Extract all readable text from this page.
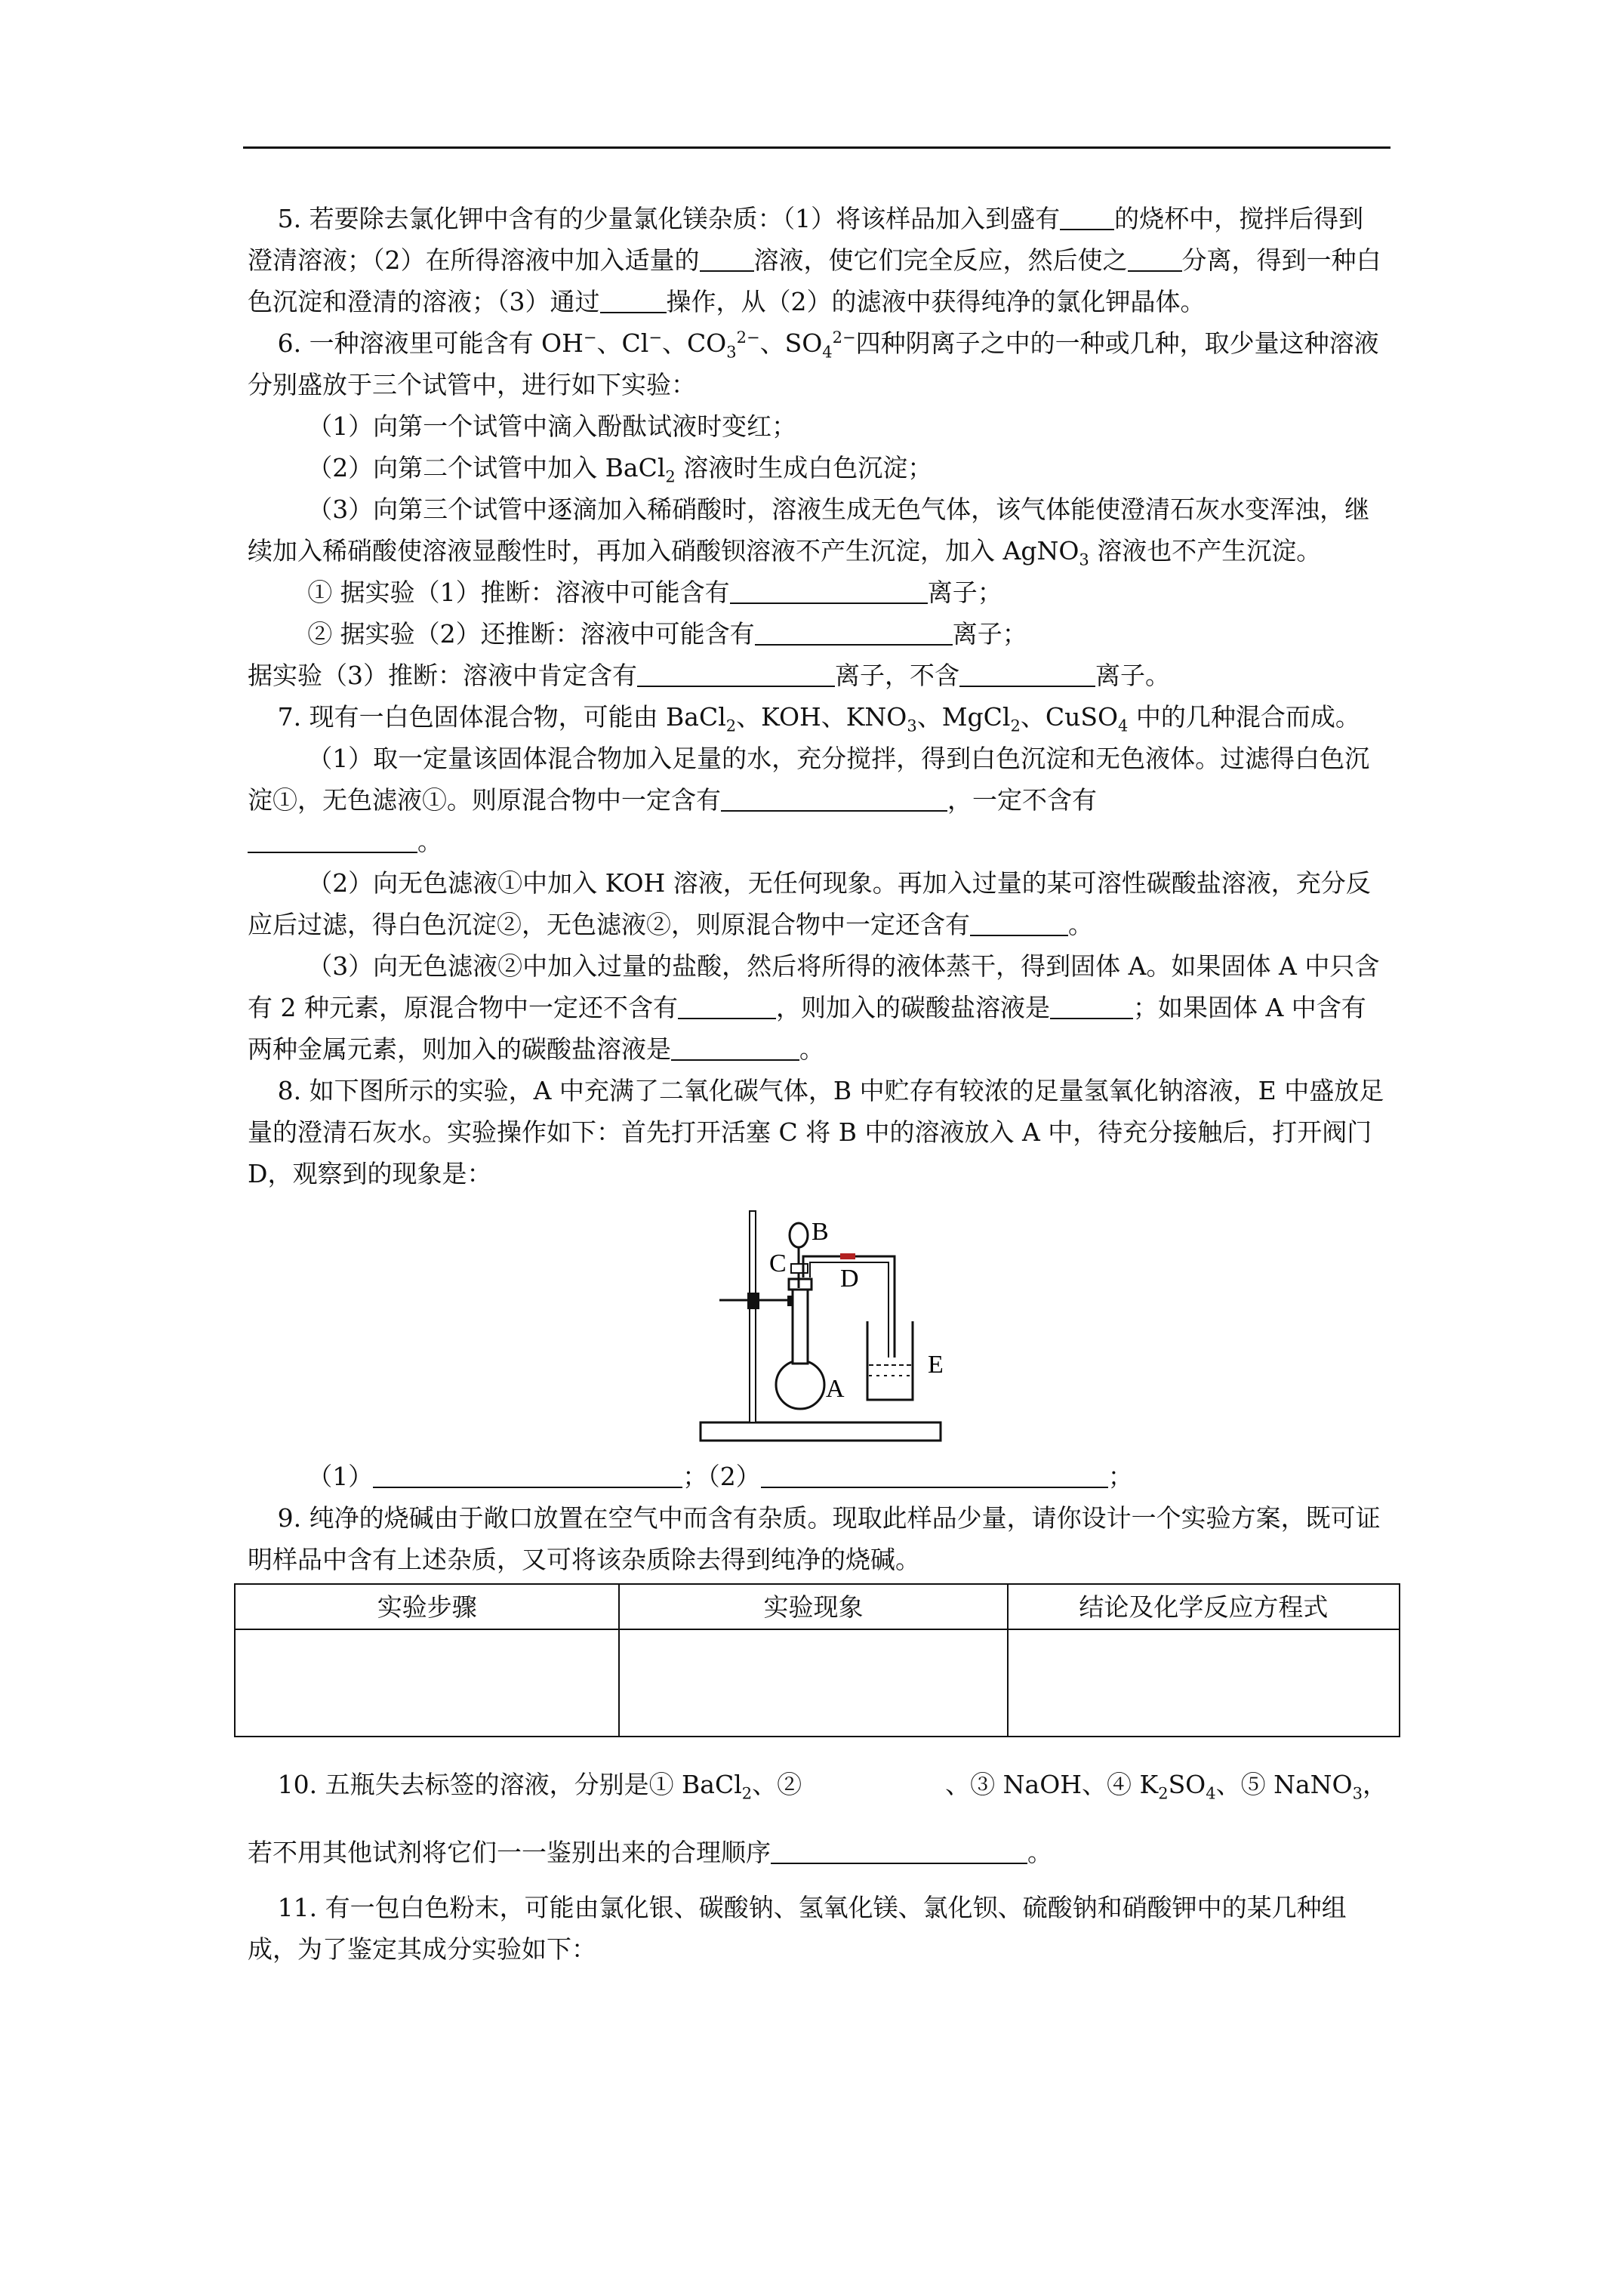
5. 若要除去氯化钾中含有的少量氯化镁杂质：（1）将该样品加入到盛有 的烧杯中，搅拌后得到澄清溶液；（2）在所得溶液中加入适量的 溶液，使它们完全反应，然后使之 分离，得到一种白色沉淀和澄清的溶液；（3）通过	操作，从（2）的滤液中获得纯净的氯化钾晶体。

6. 一种溶液里可能含有 OH−、Cl−、$CO_3^{2-}$、$SO_4^{2-}$四种阴离子之中的一种或几种，取少量这种溶液分别盛放于三个试管中，进行如下实验：

（1）向第一个试管中滴入酚酞试液时变红；

（2）向第二个试管中加入 BaCl$_2$ 溶液时生成白色沉淀；

（3）向第三个试管中逐滴加入稀硝酸时，溶液生成无色气体，该气体能使澄清石灰水变浑浊，继续加入稀硝酸使溶液显酸性时，再加入硝酸钡溶液不产生沉淀，加入 AgNO$_3$ 溶液也不产生沉淀。

① 据实验（1）推断：溶液中可能含有	离子；

② 据实验（2）还推断：溶液中可能含有	离子；

据实验（3）推断：溶液中肯定含有	离子，不含	离子。

7. 现有一白色固体混合物，可能由 BaCl$_2$、KOH、$KNO_3$、MgCl$_2$、CuSO$_4$ 中的几种混合而成。

（1）取一定量该固体混合物加入足量的水，充分搅拌，得到白色沉淀和无色液体。过滤得白色沉淀①，无色滤液①。则原混合物中一定含有	，一定不含有
。

（2）向无色滤液①中加入 KOH 溶液，无任何现象。再加入过量的某可溶性碳酸盐溶液，充分反应后过滤，得白色沉淀②，无色滤液②，则原混合物中一定还含有	。

（3）向无色滤液②中加入过量的盐酸，然后将所得的液体蒸干，得到固体 A。如果固体 A 中只含有 2 种元素，原混合物中一定还不含有	，则加入的碳酸盐溶液是	；如果固体 A 中含有两种金属元素，则加入的碳酸盐溶液是	。

8. 如下图所示的实验，A 中充满了二氧化碳气体，B 中贮存有较浓的足量氢氧化钠溶液，E 中盛放足量的澄清石灰水。实验操作如下：首先打开活塞 C 将 B 中的溶液放入 A 中，待充分接触后，打开阀门 D，观察到的现象是：

A
B
C
D
E

（1）	；（2）	；

9. 纯净的烧碱由于敞口放置在空气中而含有杂质。现取此样品少量，请你设计一个实验方案，既可证明样品中含有上述杂质，又可将该杂质除去得到纯净的烧碱。

实验步骤	实验现象	结论及化学反应方程式

10. 五瓶失去标签的溶液，分别是① BaCl$_2$、②	、③ NaOH、④ $K_2SO_4$、⑤ NaNO$_3$，若不用其他试剂将它们一一鉴别出来的合理顺序	。

11. 有一包白色粉末，可能由氯化银、碳酸钠、氢氧化镁、氯化钡、硫酸钠和硝酸钾中的某几种组成，为了鉴定其成分实验如下：
